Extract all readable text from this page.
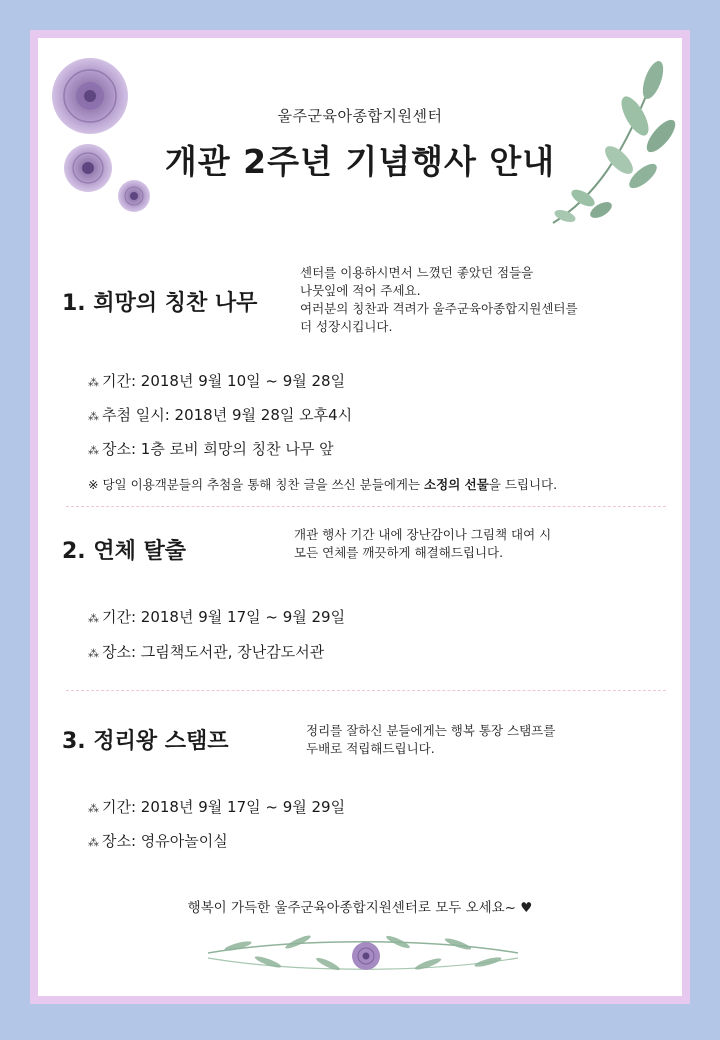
울주군육아종합지원센터
개관 2주년 기념행사 안내
1. 희망의 칭찬 나무
센터를 이용하시면서 느꼈던 좋았던 점들을
나뭇잎에 적어 주세요.
여러분의 칭찬과 격려가 울주군육아종합지원센터를
더 성장시킵니다.
⁂ 기간: 2018년 9월 10일 ~ 9월 28일
⁂ 추첨 일시: 2018년 9월 28일 오후4시
⁂ 장소: 1층 로비 희망의 칭찬 나무 앞
※ 당일 이용객분들의 추첨을 통해 칭찬 글을 쓰신 분들에게는 소정의 선물을 드립니다.
2. 연체 탈출
개관 행사 기간 내에 장난감이나 그림책 대여 시
모든 연체를 깨끗하게 해결해드립니다.
⁂ 기간: 2018년 9월 17일 ~ 9월 29일
⁂ 장소: 그림책도서관, 장난감도서관
3. 정리왕 스탬프	정리를 잘하신 분들에게는 행복 통장 스탬프를
두배로 적립해드립니다.
⁂ 기간: 2018년 9월 17일 ~ 9월 29일
⁂ 장소: 영유아놀이실
행복이 가득한 울주군육아종합지원센터로 모두 오세요~ ♥
